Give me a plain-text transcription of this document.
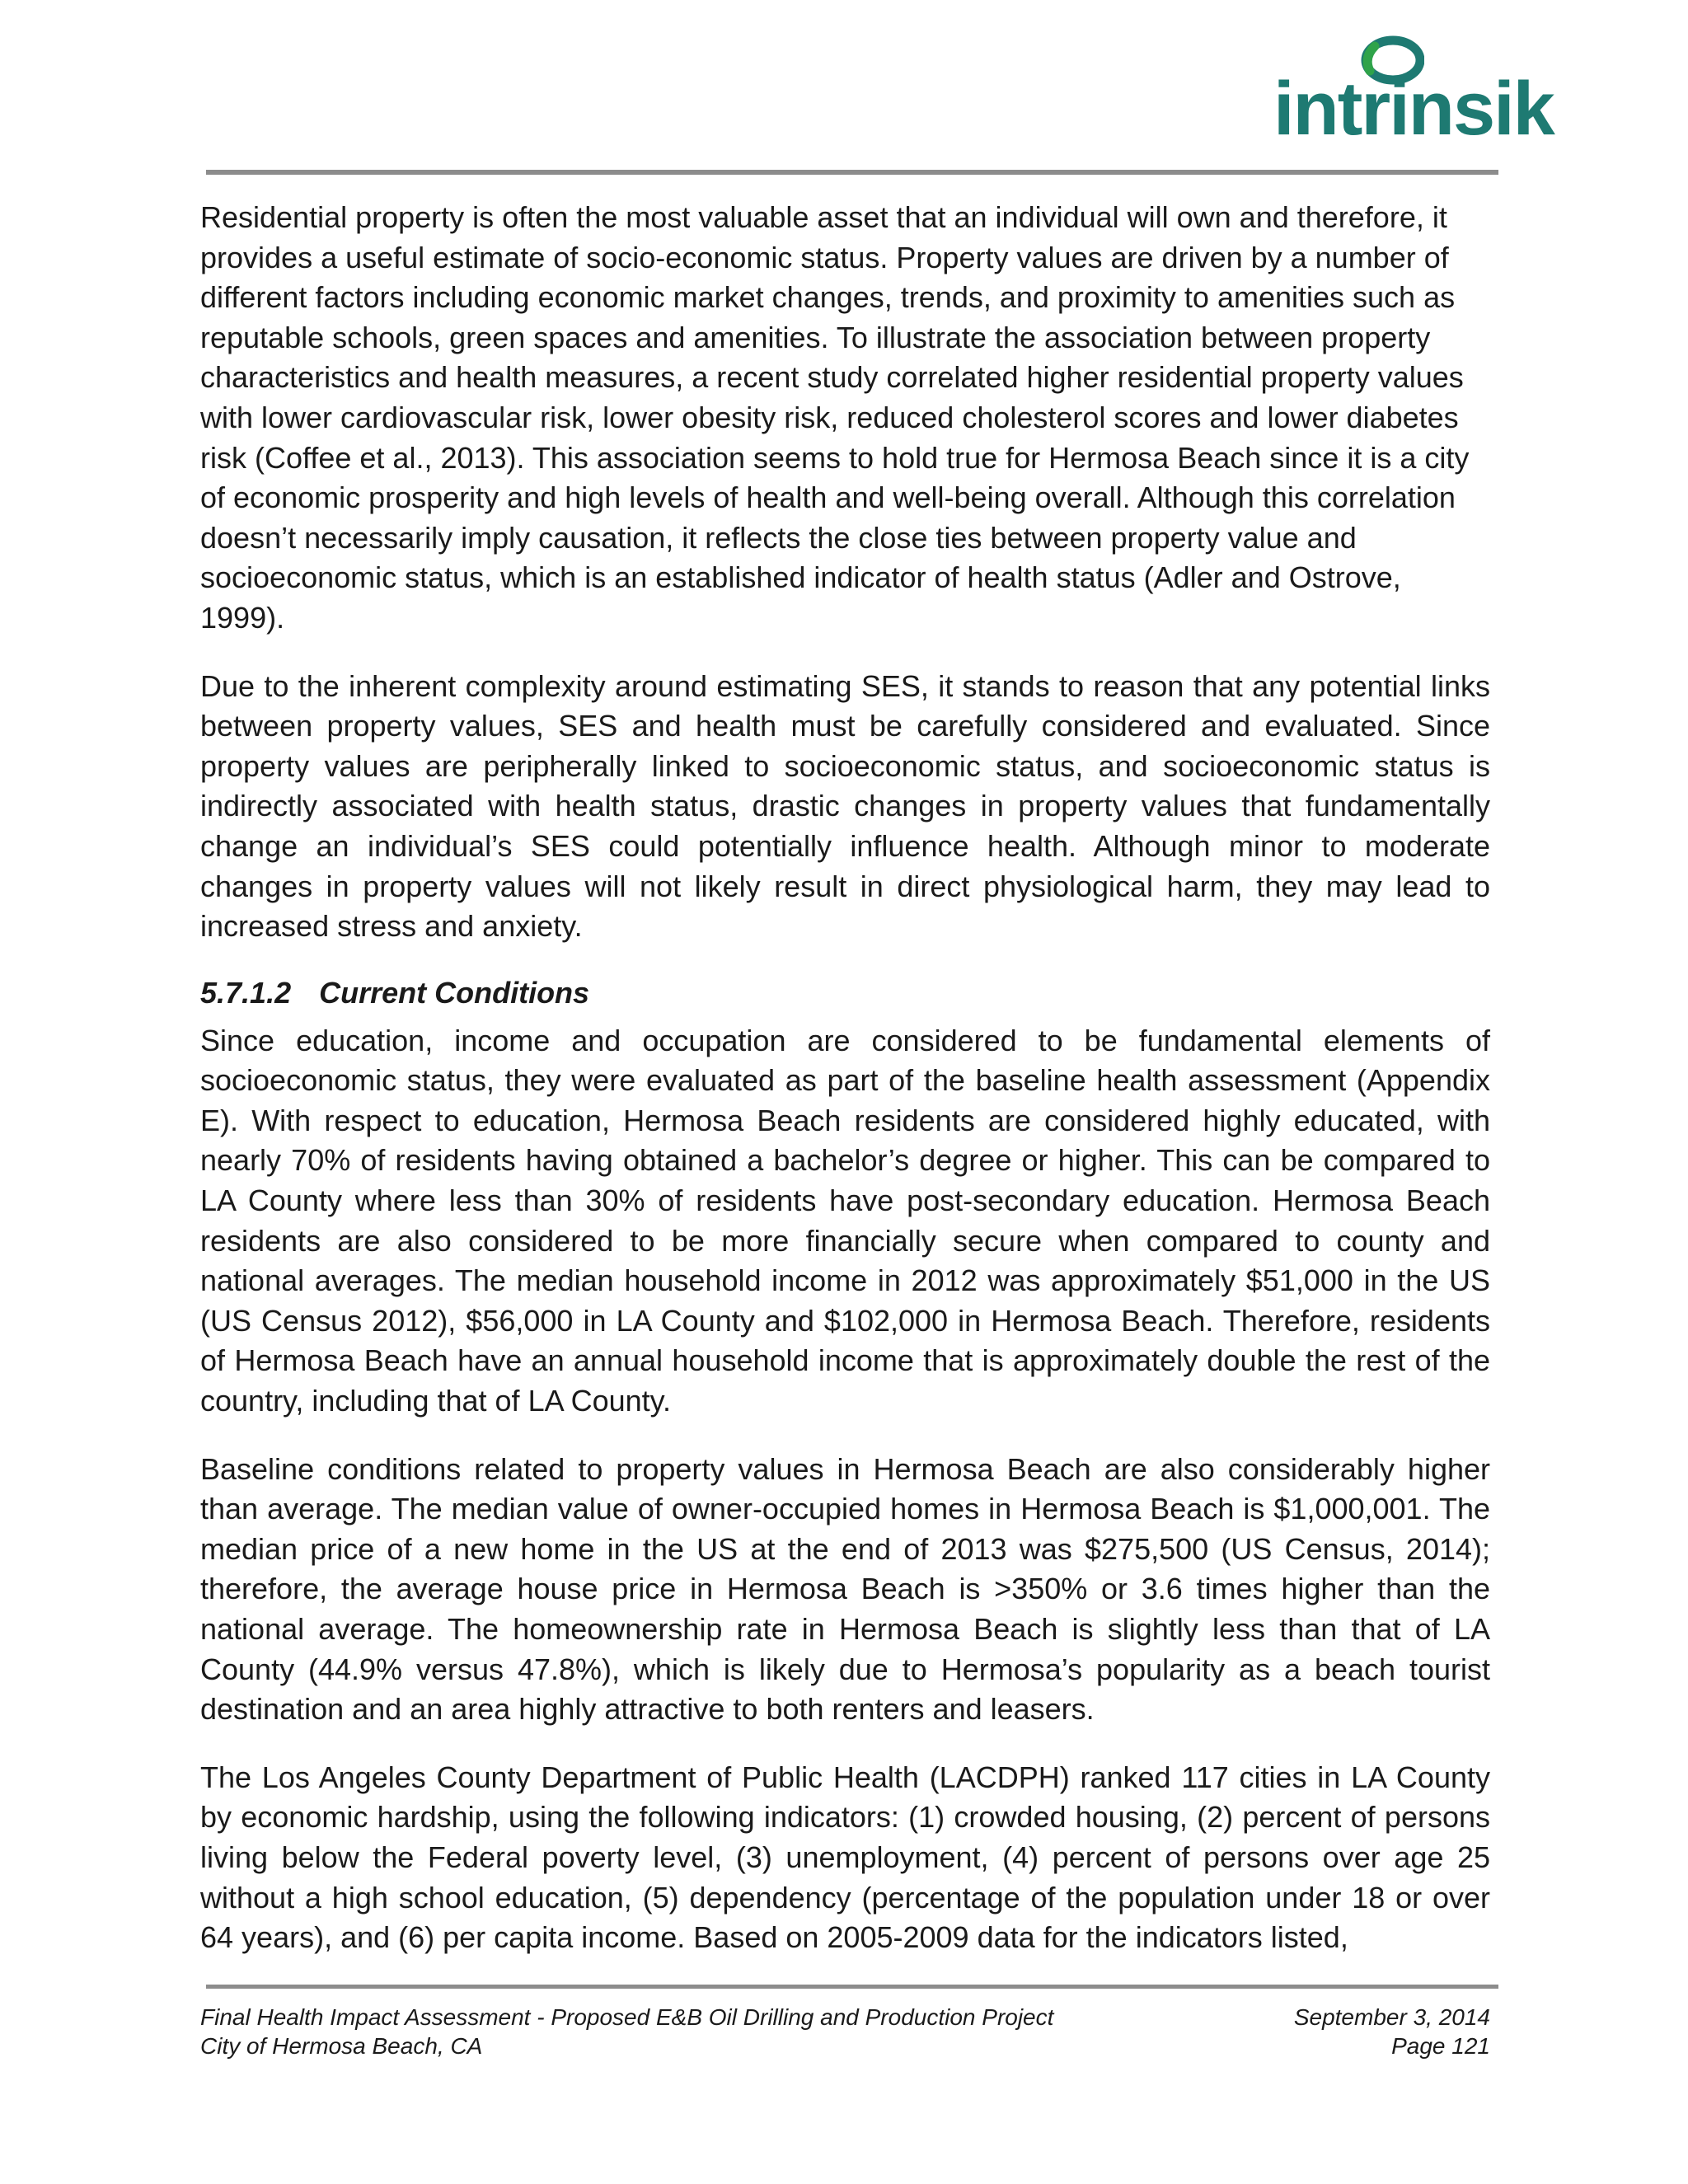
intrinsik

Residential property is often the most valuable asset that an individual will own and therefore, it provides a useful estimate of socio-economic status. Property values are driven by a number of different factors including economic market changes, trends, and proximity to amenities such as reputable schools, green spaces and amenities. To illustrate the association between property characteristics and health measures, a recent study correlated higher residential property values with lower cardiovascular risk, lower obesity risk, reduced cholesterol scores and lower diabetes risk (Coffee et al., 2013). This association seems to hold true for Hermosa Beach since it is a city of economic prosperity and high levels of health and well-being overall. Although this correlation doesn’t necessarily imply causation, it reflects the close ties between property value and socioeconomic status, which is an established indicator of health status (Adler and Ostrove, 1999).

Due to the inherent complexity around estimating SES, it stands to reason that any potential links between property values, SES and health must be carefully considered and evaluated. Since property values are peripherally linked to socioeconomic status, and socioeconomic status is indirectly associated with health status, drastic changes in property values that fundamentally change an individual’s SES could potentially influence health. Although minor to moderate changes in property values will not likely result in direct physiological harm, they may lead to increased stress and anxiety.

5.7.1.2 Current Conditions

Since education, income and occupation are considered to be fundamental elements of socioeconomic status, they were evaluated as part of the baseline health assessment (Appendix E). With respect to education, Hermosa Beach residents are considered highly educated, with nearly 70% of residents having obtained a bachelor’s degree or higher. This can be compared to LA County where less than 30% of residents have post-secondary education. Hermosa Beach residents are also considered to be more financially secure when compared to county and national averages. The median household income in 2012 was approximately $51,000 in the US (US Census 2012), $56,000 in LA County and $102,000 in Hermosa Beach. Therefore, residents of Hermosa Beach have an annual household income that is approximately double the rest of the country, including that of LA County.

Baseline conditions related to property values in Hermosa Beach are also considerably higher than average. The median value of owner-occupied homes in Hermosa Beach is $1,000,001. The median price of a new home in the US at the end of 2013 was $275,500 (US Census, 2014); therefore, the average house price in Hermosa Beach is >350% or 3.6 times higher than the national average. The homeownership rate in Hermosa Beach is slightly less than that of LA County (44.9% versus 47.8%), which is likely due to Hermosa’s popularity as a beach tourist destination and an area highly attractive to both renters and leasers.

The Los Angeles County Department of Public Health (LACDPH) ranked 117 cities in LA County by economic hardship, using the following indicators: (1) crowded housing, (2) percent of persons living below the Federal poverty level, (3) unemployment, (4) percent of persons over age 25 without a high school education, (5) dependency (percentage of the population under 18 or over 64 years), and (6) per capita income. Based on 2005-2009 data for the indicators listed,

Final Health Impact Assessment - Proposed E&B Oil Drilling and Production Project	September 3, 2014
City of Hermosa Beach, CA	Page 121
